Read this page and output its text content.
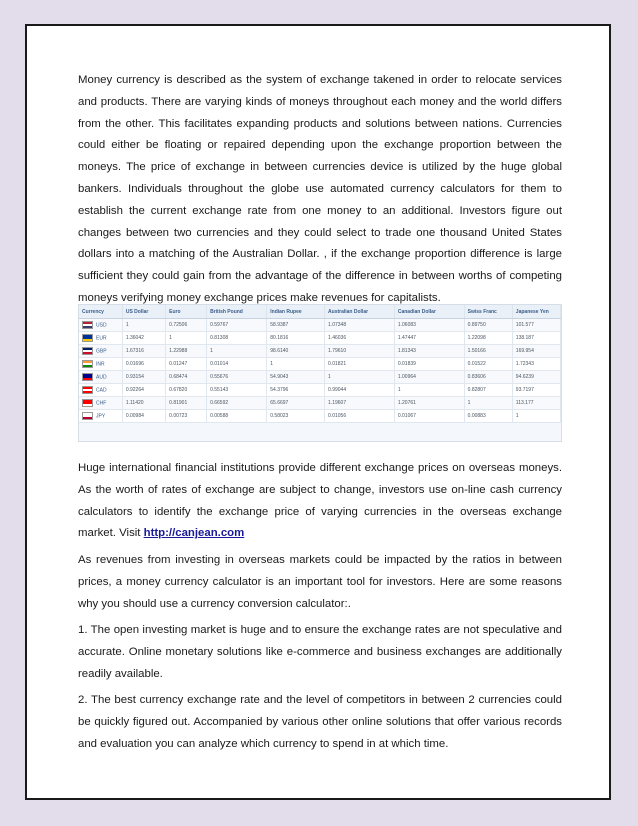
Money currency is described as the system of exchange takened in order to relocate services and products. There are varying kinds of moneys throughout each money and the world differs from the other. This facilitates expanding products and solutions between nations. Currencies could either be floating or repaired depending upon the exchange proportion between the moneys. The price of exchange in between currencies device is utilized by the huge global bankers. Individuals throughout the globe use automated currency calculators for them to establish the current exchange rate from one money to an additional. Investors figure out changes between two currencies and they could select to trade one thousand United States dollars into a matching of the Australian Dollar. , if the exchange proportion difference is large sufficient they could gain from the advantage of the difference in between worths of competing moneys verifying money exchange prices make revenues for capitalists.

Currency	US Dollar	Euro	British Pound	Indian Rupee	Australian Dollar	Canadian Dollar	Swiss Franc	Japanese Yen
USD	1	0.72506	0.59767	58.9387	1.07348	1.06083	0.89750	101.577
EUR	1.36042	1	0.81308	80.1816	1.46036	1.47447	1.22098	138.187
GBP	1.67316	1.22988	1	98.6140	1.79610	1.81343	1.50166	169.954
INR	0.01696	0.01247	0.01014	1	0.01821	0.01839	0.01522	1.72343
AUD	0.93154	0.68474	0.55676	54.9043	1	1.00964	0.83606	94.6239
CAD	0.92264	0.67820	0.55143	54.3796	0.99044	1	0.82807	93.7197
CHF	1.11420	0.81901	0.66592	65.6697	1.19607	1.20761	1	113.177
JPY	0.00984	0.00723	0.00588	0.58023	0.01056	0.01067	0.00883	1

Huge international financial institutions provide different exchange prices on overseas moneys. As the worth of rates of exchange are subject to change, investors use on-line cash currency calculators to identify the exchange price of varying currencies in the overseas exchange market. Visit http://canjean.com

As revenues from investing in overseas markets could be impacted by the ratios in between prices, a money currency calculator is an important tool for investors. Here are some reasons why you should use a currency conversion calculator:.

1. The open investing market is huge and to ensure the exchange rates are not speculative and accurate. Online monetary solutions like e-commerce and business exchanges are additionally readily available.

2. The best currency exchange rate and the level of competitors in between 2 currencies could be quickly figured out. Accompanied by various other online solutions that offer various records and evaluation you can analyze which currency to spend in at which time.
